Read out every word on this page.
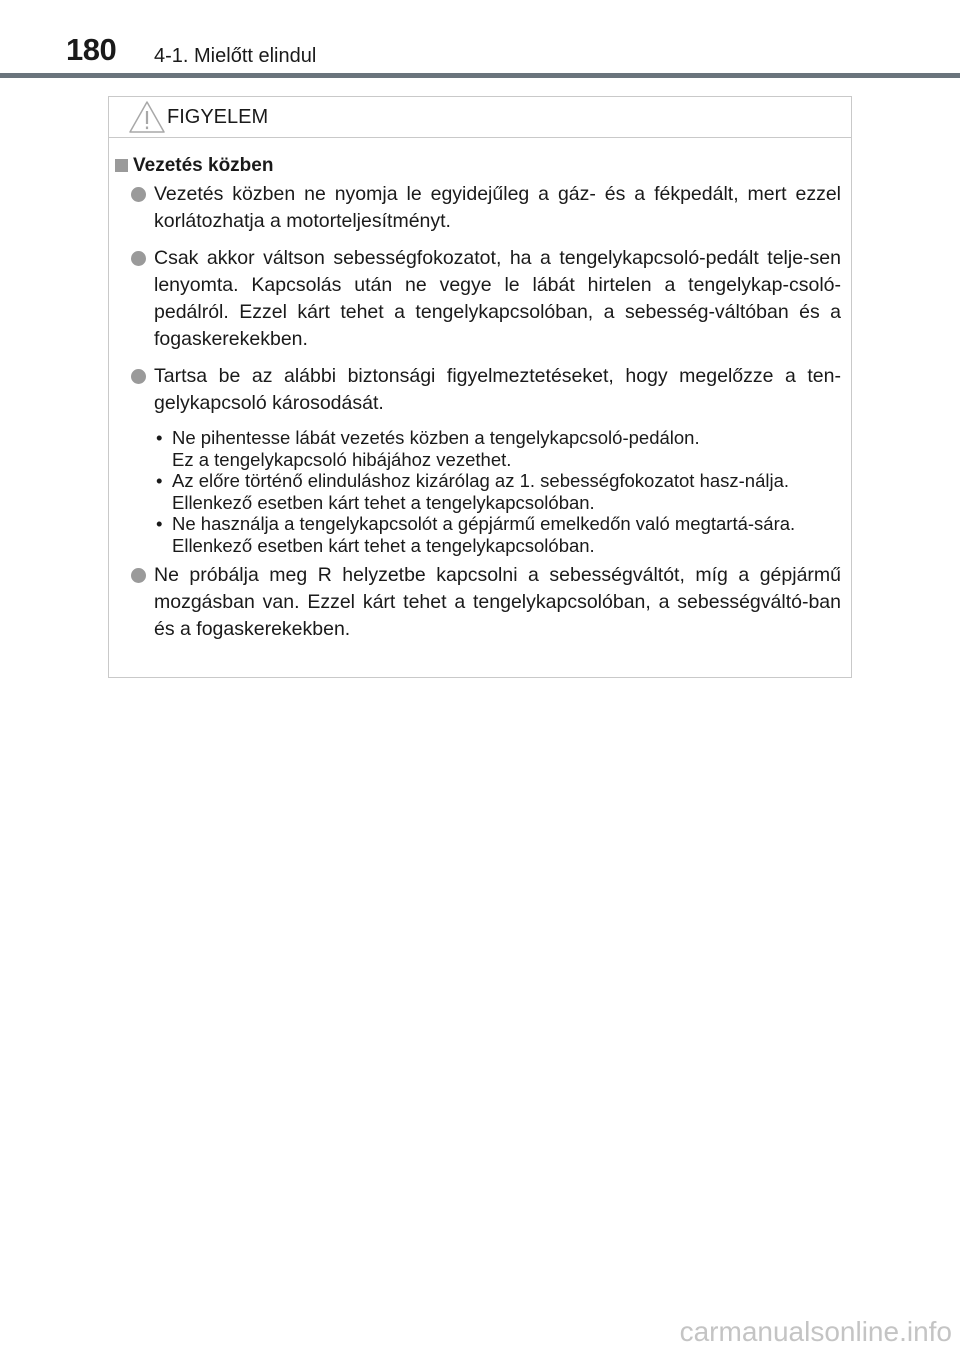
180 4-1. Mielőtt elindul
FIGYELEM
Vezetés közben
Vezetés közben ne nyomja le egyidejűleg a gáz- és a fékpedált, mert ezzel korlátozhatja a motorteljesítményt.
Csak akkor váltson sebességfokozatot, ha a tengelykapcsoló-pedált telje-sen lenyomta. Kapcsolás után ne vegye le lábát hirtelen a tengelykap-csoló-pedálról. Ezzel kárt tehet a tengelykapcsolóban, a sebesség-váltóban és a fogaskerekekben.
Tartsa be az alábbi biztonsági figyelmeztetéseket, hogy megelőzze a ten-gelykapcsoló károsodását.
• Ne pihentesse lábát vezetés közben a tengelykapcsoló-pedálon.
Ez a tengelykapcsoló hibájához vezethet.
• Az előre történő elinduláshoz kizárólag az 1. sebességfokozatot hasz-nálja.
Ellenkező esetben kárt tehet a tengelykapcsolóban.
• Ne használja a tengelykapcsolót a gépjármű emelkedőn való megtartá-sára.
Ellenkező esetben kárt tehet a tengelykapcsolóban.
Ne próbálja meg R helyzetbe kapcsolni a sebességváltót, míg a gépjármű mozgásban van. Ezzel kárt tehet a tengelykapcsolóban, a sebességváltó-ban és a fogaskerekekben.
carmanualsonline.info
